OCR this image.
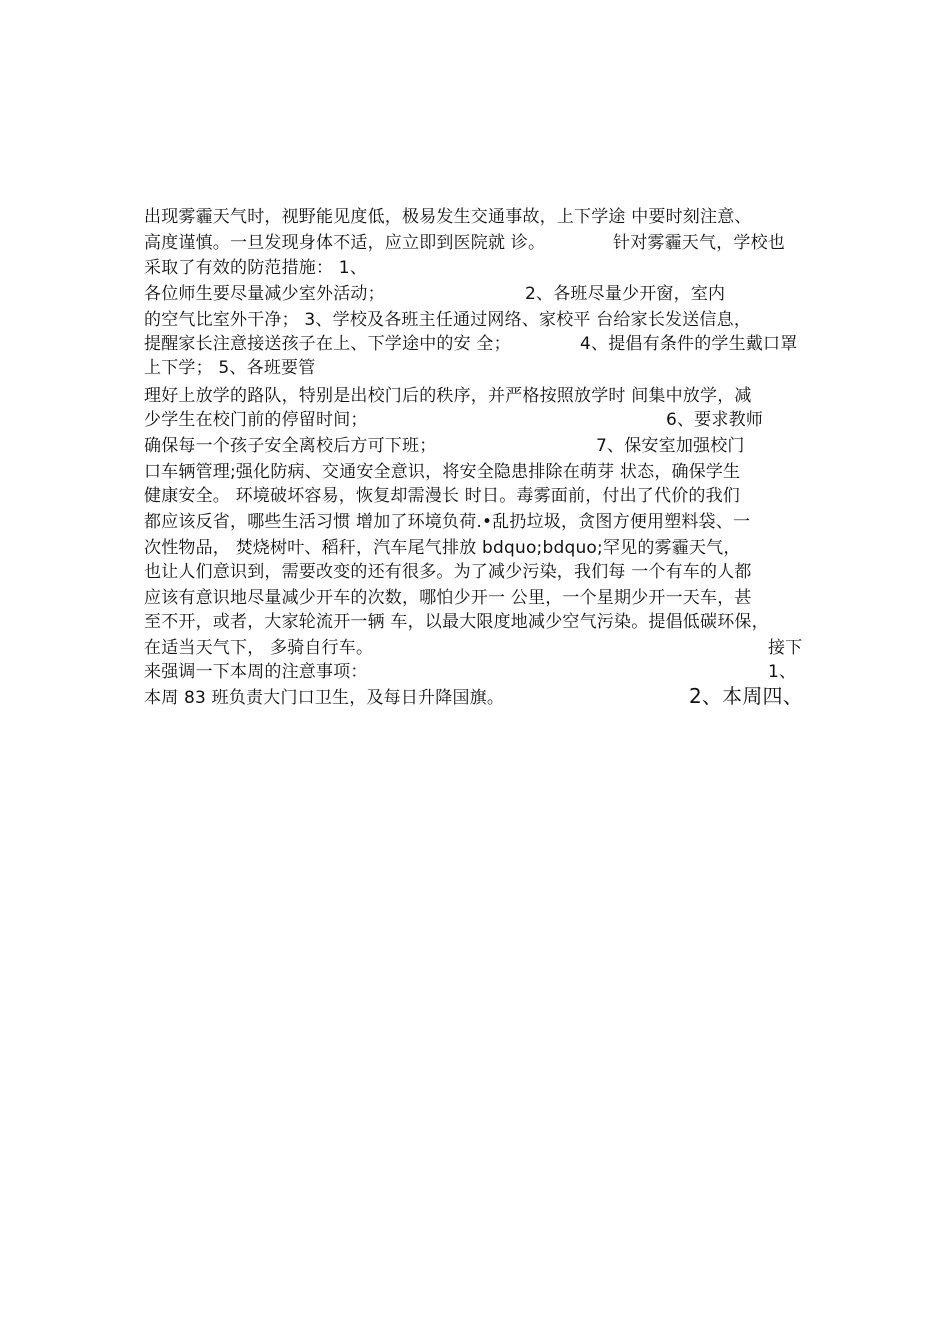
出现雾霾天气时，视野能见度低，极易发生交通事故，上下学途 中要时刻注意、
高度谨慎。一旦发现身体不适，应立即到医院就 诊。	针对雾霾天气，学校也
采取了有效的防范措施： 1、
各位师生要尽量减少室外活动；	2、各班尽量少开窗，室内
的空气比室外干净； 3、学校及各班主任通过网络、家校平 台给家长发送信息，
提醒家长注意接送孩子在上、下学途中的安 全；	4、提倡有条件的学生戴口罩
上下学； 5、各班要管
理好上放学的路队，特别是出校门后的秩序，并严格按照放学时 间集中放学，减
少学生在校门前的停留时间；	6、要求教师
确保每一个孩子安全离校后方可下班；	7、保安室加强校门
口车辆管理;强化防病、交通安全意识，将安全隐患排除在萌芽 状态，确保学生
健康安全。 环境破坏容易，恢复却需漫长 时日。毒雾面前，付出了代价的我们
都应该反省，哪些生活习惯 增加了环境负荷.•乱扔垃圾，贪图方便用塑料袋、一
次性物品， 焚烧树叶、稻秆，汽车尾气排放 bdquo;bdquo;罕见的雾霾天气，
也让人们意识到，需要改变的还有很多。为了减少污染，我们每 一个有车的人都
应该有意识地尽量减少开车的次数，哪怕少开一 公里，一个星期少开一天车，甚
至不开，或者，大家轮流开一辆 车，以最大限度地减少空气污染。提倡低碳环保，
在适当天气下， 多骑自行车。	接下
来强调一下本周的注意事项：	1、
本周 83 班负责大门口卫生，及每日升降国旗。	2、本周四、
